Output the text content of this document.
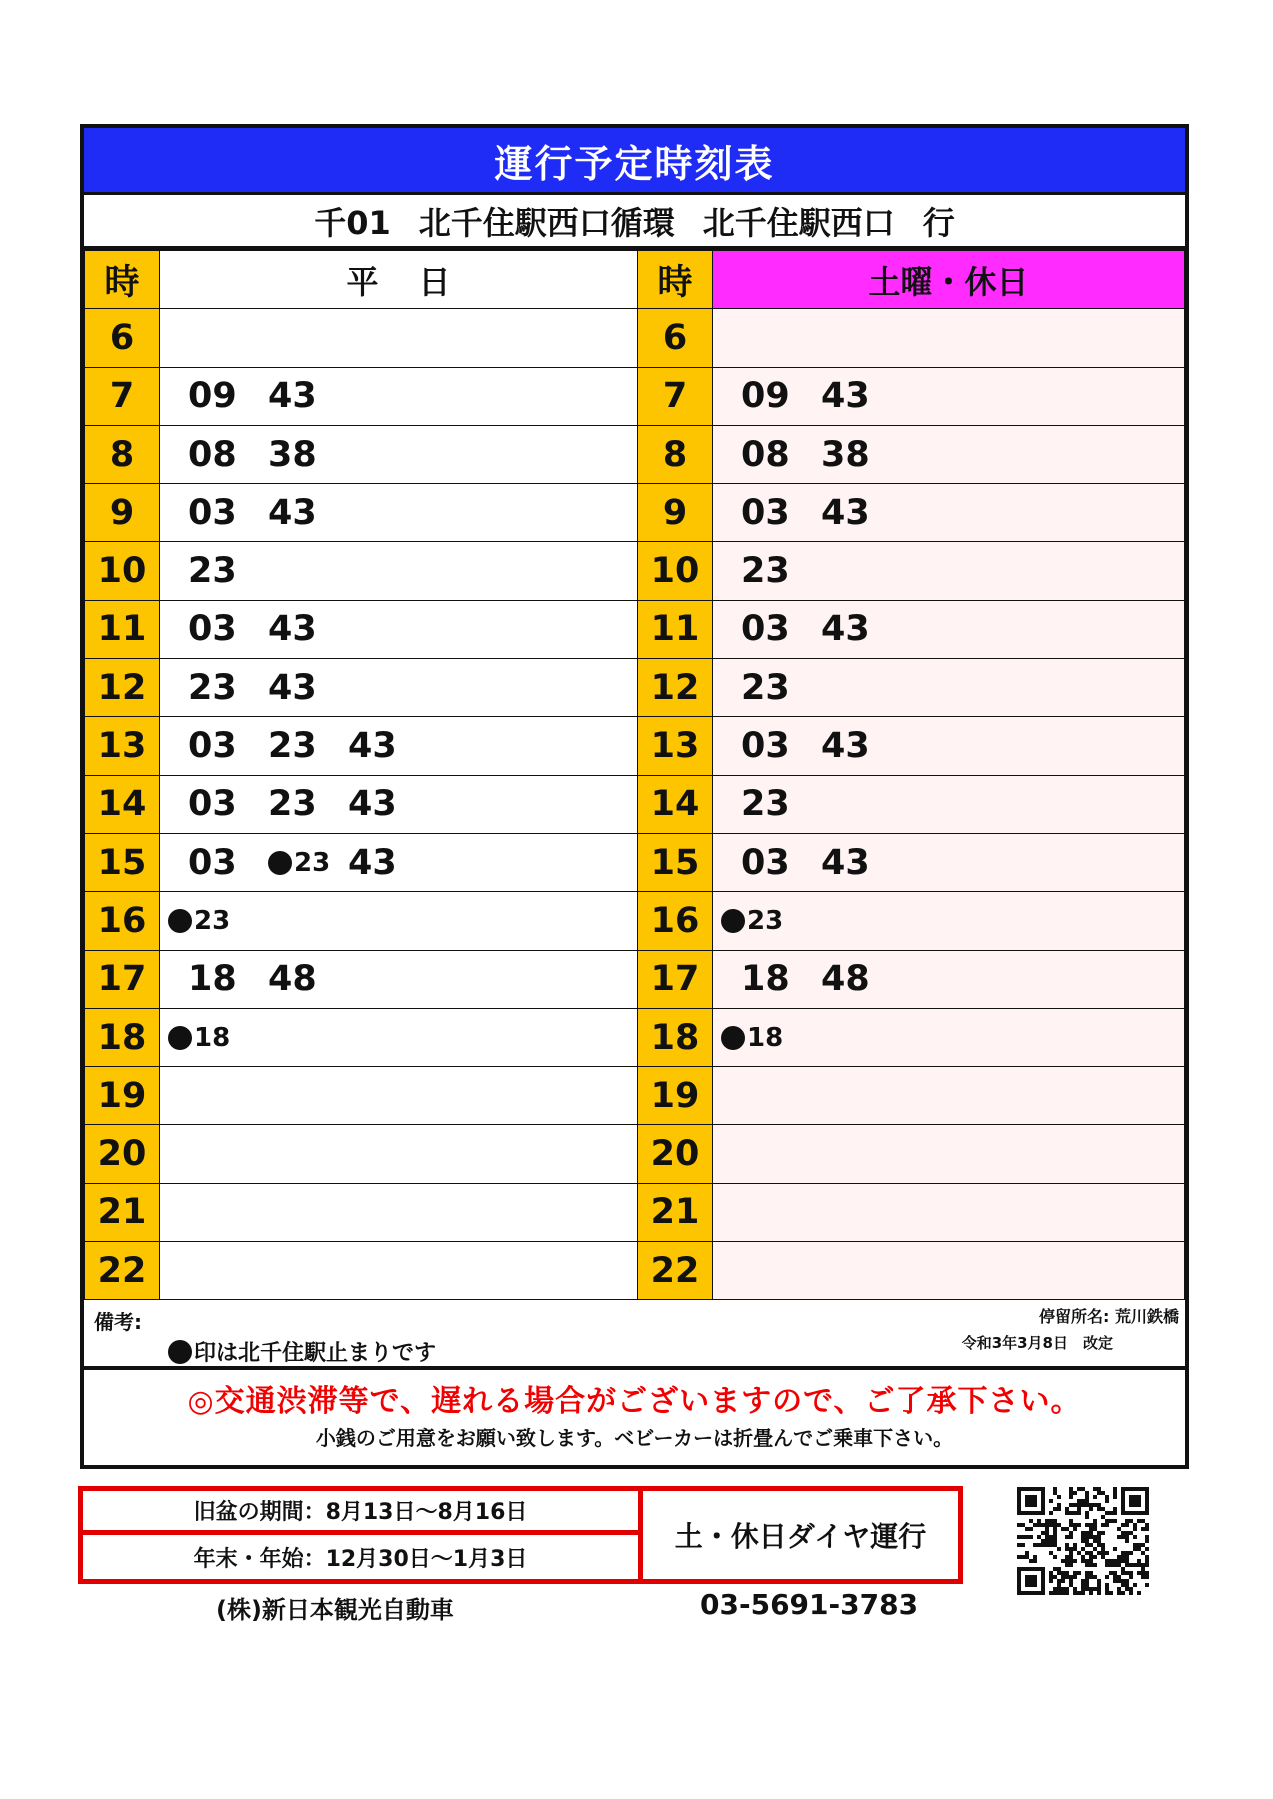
運行予定時刻表
千01 北千住駅西口循環 北千住駅西口 行
時	平日	時	土曜・休日
6		6	

7	09 43	7	09 43

8	08 38	8	08 38

9	03 43	9	03 43

10	23	10	23

11	03 43	11	03 43

12	23 43	12	23

13	03 23 43	13	03 43

14	03 23 43	14	23

15	03 23 43	15	03 43

16	23	16	23

17	18 48	17	18 48

18	18	18	18

19		19	

20		20	

21		21	

22		22	
備考:
印は北千住駅止まりです
停留所名: 荒川鉄橋
令和3年3月8日　改定
◎交通渋滞等で、遅れる場合がございますので、ご了承下さい。
小銭のご用意をお願い致します。ベビーカーは折畳んでご乗車下さい。
旧盆の期間：8月13日～8月16日
年末・年始：12月30日～1月3日
土・休日ダイヤ運行
(株)新日本観光自動車	03-5691-3783
